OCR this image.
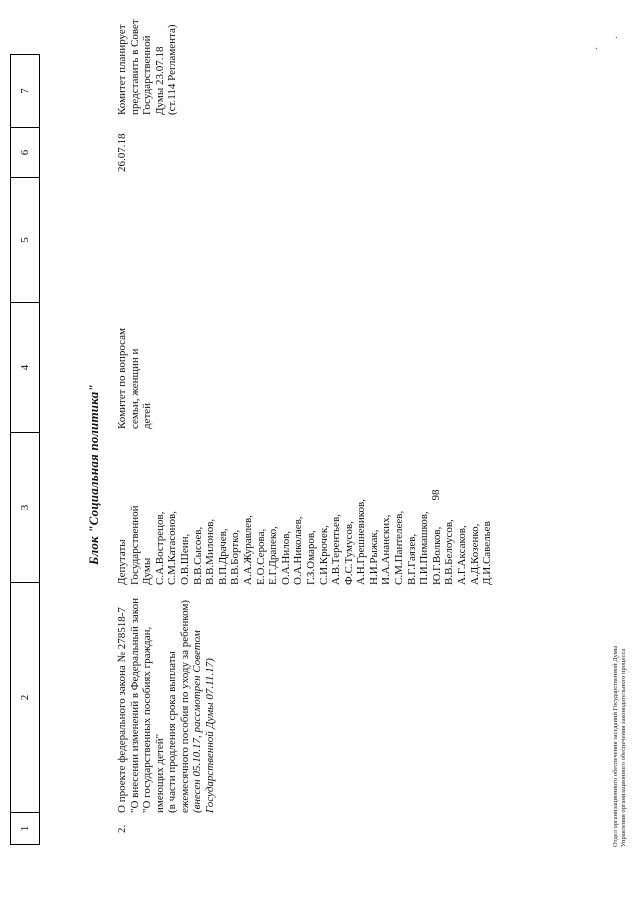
1
2
3
4
5
6
7
98
Блок "Социальная политика"
2.
О проекте федерального закона № 278518-7 "О внесении изменений в Федеральный закон "О государственных пособиях граждан, имеющих детей" (в части продления срока выплаты ежемесячного пособия по уходу за ребенком) (внесен 05.10.17, рассмотрен Советом Государственной Думы 07.11.17)
Депутаты Государственной Думы С.А.Вострецов, С.М.Катасонов, О.В.Шеин, В.В.Сысоев, В.В.Милонов, В.П.Драчев, В.В.Бортко, А.А.Журавлев, Е.О.Серова, Е.Г.Драпеко, О.А.Нилов, О.А.Николаев, Г.З.Омаров, С.И.Крючек, А.В.Терентьев, Ф.С.Тумусов, А.Н.Грешневиков, Н.И.Рыжак, И.А.Ананских, С.М.Пантелеев, В.Г.Гаязев, П.И.Пимашков, Ю.Г.Волков, В.В.Белоусов, А.Г.Аксаков, А.Д.Козенко, Д.И.Савельев
Комитет по вопросам семьи, женщин и детей
26.07.18
Комитет планирует представить в Совет Государственной Думы 23.07.18 (ст.114 Регламента)
Отдел организационного обеспечения заседаний Государственной Думы Управления организационного обеспечения законодательного процесса
·
·
